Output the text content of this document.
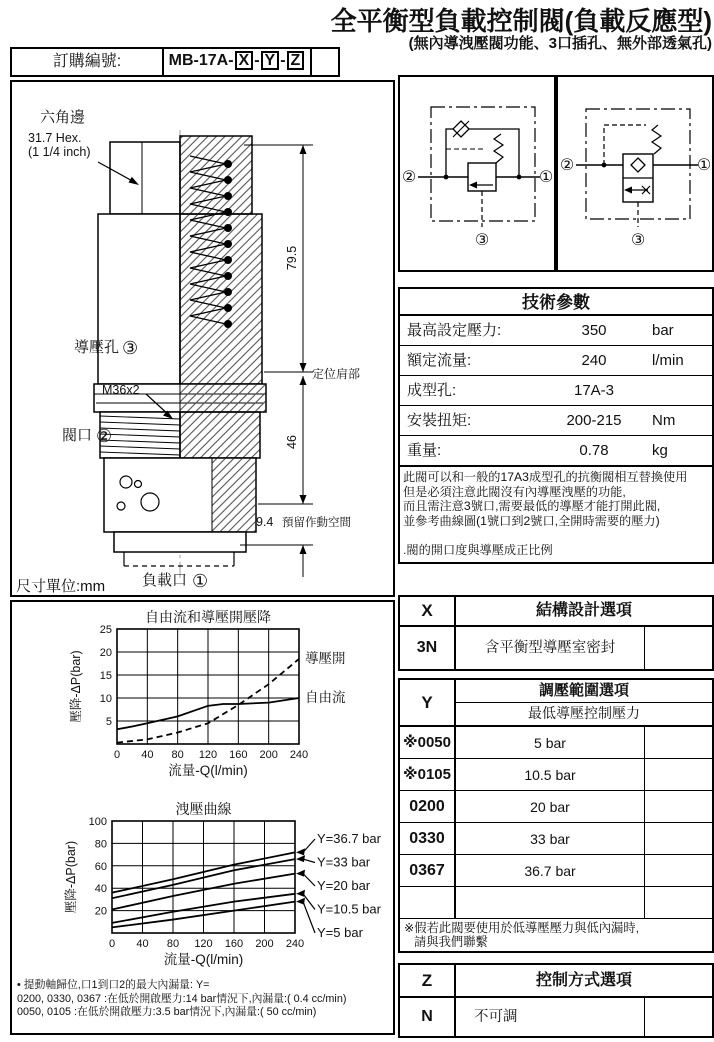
全平衡型負載控制閥(負載反應型)
(無內導洩壓閥功能、3口插孔、無外部透氣孔)
訂購編號:	MB-17A- X - Y - Z
六角邊
31.7 Hex.
(1 1/4 inch)
導壓孔 ③
M36x2
閥口 ②
負載口 ①
79.5
定位肩部
46
9.4 預留作動空間
尺寸單位:mm
②	①
③
②	①
③
技術參數
最高設定壓力:	350	bar
額定流量:	240	l/min
成型孔:	17A-3
安裝扭矩:	200-215	Nm
重量:	0.78	kg
此閥可以和一般的17A3成型孔的抗衡閥相互替換使用
但是必須注意此閥沒有內導壓洩壓的功能,
而且需注意3號口,需要最低的導壓才能打開此閥,
並參考曲線圖(1號口到2號口,全開時需要的壓力)
.閥的開口度與導壓成正比例
0 40 80 120 160 200 240
5
10
15
20
25
自由流和導壓開壓降
流量-Q(l/min)
壓降-ΔP(bar)	導壓開
自由流
0 40 80 120 160 200 240
20
40
60
80
100
洩壓曲線
流量-Q(l/min)
壓降-ΔP(bar)
Y=36.7 bar
Y=33 bar
Y=20 bar
Y=10.5 bar
Y=5 bar
• 提動軸歸位,口1到口2的最大內漏量: Y=
0200, 0330, 0367 :在低於開啟壓力:14 bar情況下,內漏量:( 0.4 cc/min)
0050, 0105 :在低於開啟壓力:3.5 bar情況下,內漏量:( 50 cc/min)
X	結構設計選項
3N	含平衡型導壓室密封
Y
調壓範圍選項
最低導壓控制壓力
※0050	5 bar
※0105	10.5 bar
0200	20 bar
0330	33 bar
0367	36.7 bar
※假若此閥要使用於低導壓壓力與低內漏時,
請與我們聯繫
Z	控制方式選項
N	不可調
